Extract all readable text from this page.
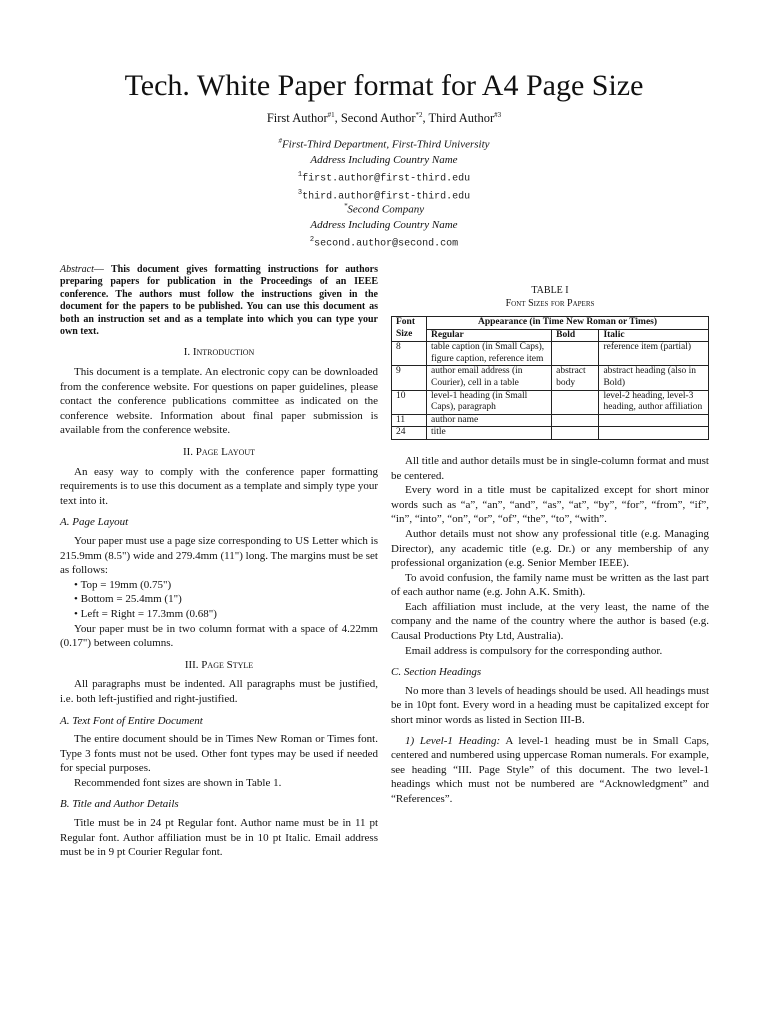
Tech. White Paper format for A4 Page Size
First Author$^{\#1}$, Second Author$^{*2}$, Third Author$^{\#3}$
#First-Third Department, First-Third University
Address Including Country Name
$^1$first.author@first-third.edu
$^3$third.author@first-third.edu
*Second Company
Address Including Country Name
$^2$second.author@second.com

Abstract— This document gives formatting instructions for authors preparing papers for publication in the Proceedings of an IEEE conference. The authors must follow the instructions given in the document for the papers to be published. You can use this document as both an instruction set and as a template into which you can type your own text.

I. Introduction

This document is a template. An electronic copy can be downloaded from the conference website. For questions on paper guidelines, please contact the conference publications committee as indicated on the conference website. Information about final paper submission is available from the conference website.

II. Page Layout

An easy way to comply with the conference paper formatting requirements is to use this document as a template and simply type your text into it.

A. Page Layout

Your paper must use a page size corresponding to US Letter which is 215.9mm (8.5") wide and 279.4mm (11") long. The margins must be set as follows:

• Top = 19mm (0.75")
• Bottom = 25.4mm (1")
• Left = Right = 17.3mm (0.68")

Your paper must be in two column format with a space of 4.22mm (0.17") between columns.

III. Page Style

All paragraphs must be indented. All paragraphs must be justified, i.e. both left-justified and right-justified.

A. Text Font of Entire Document

The entire document should be in Times New Roman or Times font. Type 3 fonts must not be used. Other font types may be used if needed for special purposes.

Recommended font sizes are shown in Table 1.

B. Title and Author Details

Title must be in 24 pt Regular font. Author name must be in 11 pt Regular font. Author affiliation must be in 10 pt Italic. Email address must be in 9 pt Courier Regular font.

TABLE I
Font Sizes for Papers
Font Size	Appearance (in Time New Roman or Times)		
	Regular	Bold	Italic
8	table caption (in Small Caps), figure caption, reference item		reference item (partial)
9	author email address (in Courier), cell in a table	abstract body	abstract heading (also in Bold)
10	level-1 heading (in Small Caps), paragraph		level-2 heading, level-3 heading, author affiliation
11	author name		
24	title		

All title and author details must be in single-column format and must be centered.

Every word in a title must be capitalized except for short minor words such as “a”, “an”, “and”, “as”, “at”, “by”, “for”, “from”, “if”, “in”, “into”, “on”, “or”, “of”, “the”, “to”, “with”.

Author details must not show any professional title (e.g. Managing Director), any academic title (e.g. Dr.) or any membership of any professional organization (e.g. Senior Member IEEE).

To avoid confusion, the family name must be written as the last part of each author name (e.g. John A.K. Smith).

Each affiliation must include, at the very least, the name of the company and the name of the country where the author is based (e.g. Causal Productions Pty Ltd, Australia).

Email address is compulsory for the corresponding author.

C. Section Headings

No more than 3 levels of headings should be used. All headings must be in 10pt font. Every word in a heading must be capitalized except for short minor words as listed in Section III-B.

1) Level-1 Heading: A level-1 heading must be in Small Caps, centered and numbered using uppercase Roman numerals. For example, see heading “III. Page Style” of this document. The two level-1 headings which must not be numbered are “Acknowledgment” and “References”.
